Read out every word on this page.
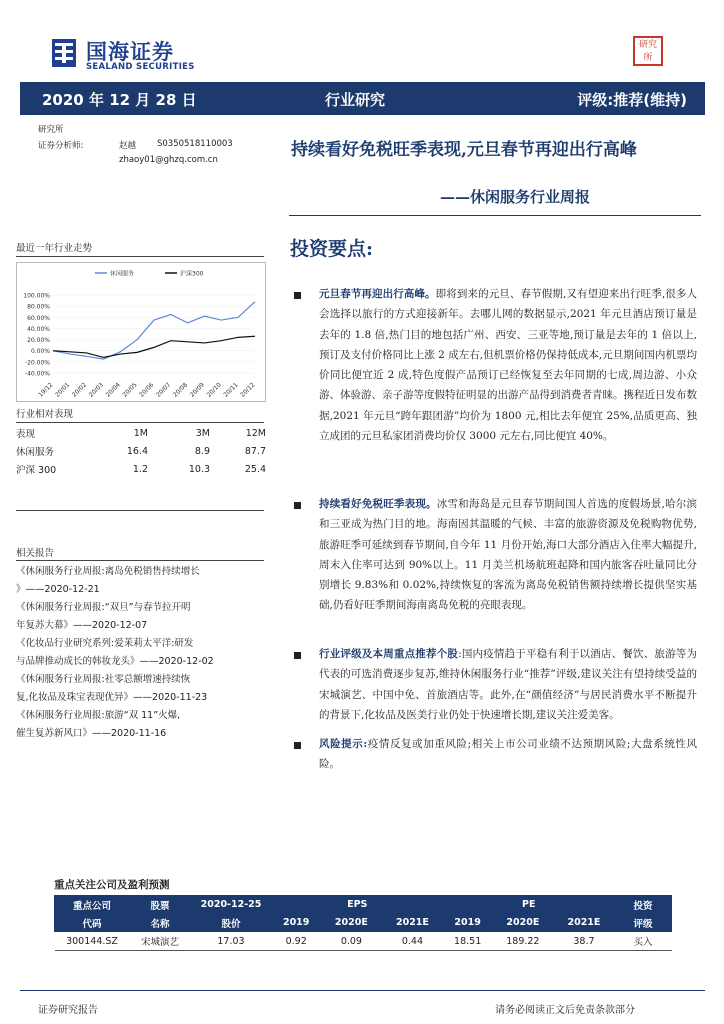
国海证券
SEALAND SECURITIES
研究所
2020 年 12 月 28 日	行业研究	评级:推荐(维持)
研究所
证券分析师:	赵越 S0350518110003
zhaoy01@ghzq.com.cn	持续看好免税旺季表现,元旦春节再迎出行高峰
——休闲服务行业周报
最近一年行业走势
100.00%
80.00%
60.00%
40.00%
20.00%
0.00%
-20.00%
-40.00%
19/12 20/01 20/02 20/03 20/04 20/05 20/06 20/07 20/08 20/09 20/10 20/11 20/12
休闲服务	沪深300
行业相对表现
表现	1M	3M	12M
休闲服务	16.4	8.9	87.7
沪深 300	1.2	10.3	25.4
相关报告
《休闲服务行业周报:离岛免税销售持续增长
》——2020-12-21
《休闲服务行业周报:“双旦”与春节拉开明
年复苏大幕》——2020-12-07
《化妆品行业研究系列:爱茉莉太平洋:研发
与品牌推动成长的韩妆龙头》——2020-12-02
《休闲服务行业周报:社零总额增速持续恢
复,化妆品及珠宝表现优异》——2020-11-23
《休闲服务行业周报:旅游“双 11”火爆,
催生复苏新风口》——2020-11-16
投资要点:
元旦春节再迎出行高峰。即将到来的元旦、春节假期,又有望迎来出行旺季,很多人会选择以旅行的方式迎接新年。去哪儿网的数据显示,2021 年元旦酒店预订量是去年的 1.8 倍,热门目的地包括广州、西安、三亚等地,预订量是去年的 1 倍以上,预订及支付价格同比上涨 2 成左右,但机票价格仍保持低成本,元旦期间国内机票均价同比便宜近 2 成,特色度假产品预订已经恢复至去年同期的七成,周边游、小众游、体验游、亲子游等度假特征明显的出游产品得到消费者青睐。携程近日发布数据,2021 年元旦“跨年跟团游”均价为 1800 元,相比去年便宜 25%,品质更高、独立成团的元旦私家团消费均价仅 3000 元左右,同比便宜 40%。
持续看好免税旺季表现。冰雪和海岛是元旦春节期间国人首选的度假场景,哈尔滨和三亚成为热门目的地。海南因其温暖的气候、丰富的旅游资源及免税购物优势,旅游旺季可延续到春节期间,自今年 11 月份开始,海口大部分酒店入住率大幅提升,周末入住率可达到 90%以上。11 月美兰机场航班起降和国内旅客吞吐量同比分别增长 9.83%和 0.02%,持续恢复的客流为离岛免税销售额持续增长提供坚实基础,仍看好旺季期间海南离岛免税的亮眼表现。
行业评级及本周重点推荐个股:国内疫情趋于平稳有利于以酒店、餐饮、旅游等为代表的可选消费逐步复苏,维持休闲服务行业“推荐”评级,建议关注有望持续受益的宋城演艺、中国中免、首旅酒店等。此外,在“颜值经济”与居民消费水平不断提升的背景下,化妆品及医美行业仍处于快速增长期,建议关注爱美客。
风险提示:疫情反复或加重风险;相关上市公司业绩不达预期风险;大盘系统性风险。
重点关注公司及盈利预测
重点公司	股票	2020-12-25	EPS			PE			投资
代码	名称	股价	2019	2020E	2021E	2019	2020E	2021E	评级
300144.SZ	宋城演艺	17.03	0.92	0.09	0.44	18.51	189.22	38.7	买入
证券研究报告	请务必阅读正文后免责条款部分
